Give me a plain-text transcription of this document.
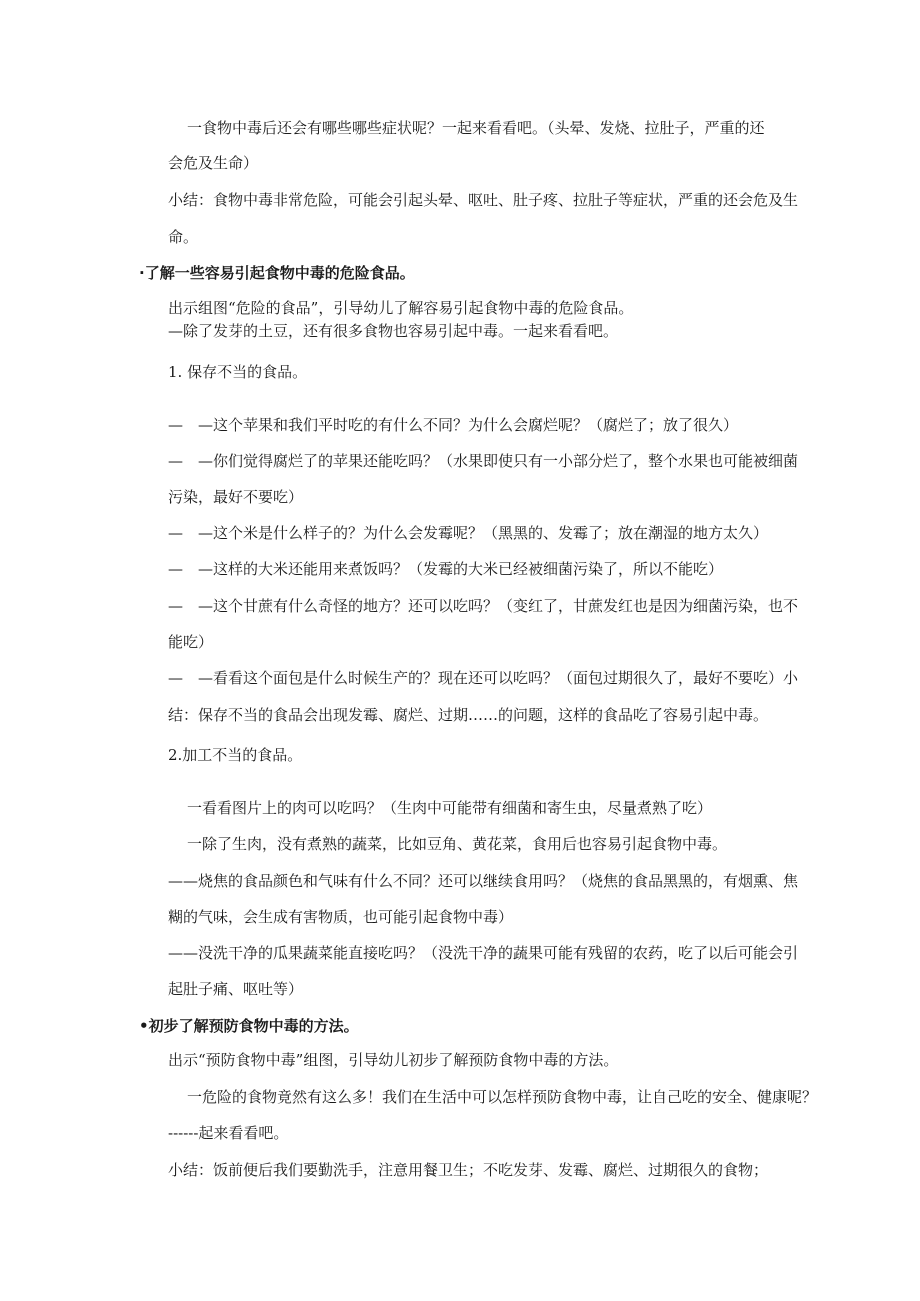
一食物中毒后还会有哪些哪些症状呢？一起来看看吧。（头晕、发烧、拉肚子，严重的还
会危及生命）
小结：食物中毒非常危险，可能会引起头晕、呕吐、肚子疼、拉肚子等症状，严重的还会危及生
命。
·了解一些容易引起食物中毒的危险食品。
出示组图“危险的食品”，引导幼儿了解容易引起食物中毒的危险食品。
—除了发芽的土豆，还有很多食物也容易引起中毒。一起来看看吧。
1. 保存不当的食品。
—　—这个苹果和我们平时吃的有什么不同？为什么会腐烂呢？（腐烂了；放了很久）
—　—你们觉得腐烂了的苹果还能吃吗？（水果即使只有一小部分烂了，整个水果也可能被细菌
污染，最好不要吃）
—　—这个米是什么样子的？为什么会发霉呢？（黑黑的、发霉了；放在潮湿的地方太久）
—　—这样的大米还能用来煮饭吗？（发霉的大米已经被细菌污染了，所以不能吃）
—　—这个甘蔗有什么奇怪的地方？还可以吃吗？（变红了，甘蔗发红也是因为细菌污染，也不
能吃）
—　—看看这个面包是什么时候生产的？现在还可以吃吗？（面包过期很久了，最好不要吃）小
结：保存不当的食品会出现发霉、腐烂、过期……的问题，这样的食品吃了容易引起中毒。
2.加工不当的食品。
一看看图片上的肉可以吃吗？（生肉中可能带有细菌和寄生虫，尽量煮熟了吃）
一除了生肉，没有煮熟的蔬菜，比如豆角、黄花菜，食用后也容易引起食物中毒。
——烧焦的食品颜色和气味有什么不同？还可以继续食用吗？（烧焦的食品黑黑的，有烟熏、焦
糊的气味，会生成有害物质，也可能引起食物中毒）
——没洗干净的瓜果蔬菜能直接吃吗？（没洗干净的蔬果可能有残留的农药，吃了以后可能会引
起肚子痛、呕吐等）
•初步了解预防食物中毒的方法。
出示“预防食物中毒”组图，引导幼儿初步了解预防食物中毒的方法。
一危险的食物竟然有这么多！我们在生活中可以怎样预防食物中毒，让自己吃的安全、健康呢？
------起来看看吧。
小结：饭前便后我们要勤洗手，注意用餐卫生；不吃发芽、发霉、腐烂、过期很久的食物；
